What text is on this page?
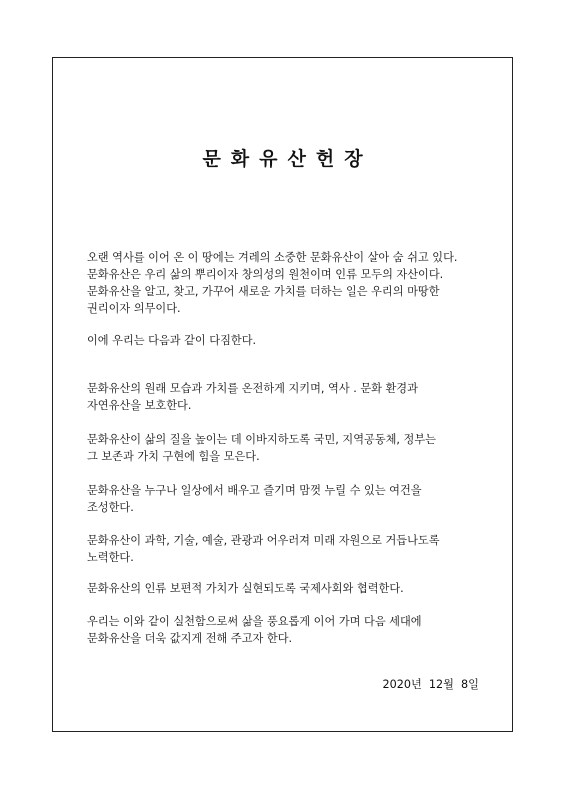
문화유산헌장

오랜 역사를 이어 온 이 땅에는 겨레의 소중한 문화유산이 살아 숨 쉬고 있다.
문화유산은 우리 삶의 뿌리이자 창의성의 원천이며 인류 모두의 자산이다.
문화유산을 알고, 찾고, 가꾸어 새로운 가치를 더하는 일은 우리의 마땅한
권리이자 의무이다.

이에 우리는 다음과 같이 다짐한다.

문화유산의 원래 모습과 가치를 온전하게 지키며, 역사 . 문화 환경과
자연유산을 보호한다.

문화유산이 삶의 질을 높이는 데 이바지하도록 국민, 지역공동체, 정부는
그 보존과 가치 구현에 힘을 모은다.

문화유산을 누구나 일상에서 배우고 즐기며 맘껏 누릴 수 있는 여건을
조성한다.

문화유산이 과학, 기술, 예술, 관광과 어우러져 미래 자원으로 거듭나도록
노력한다.

문화유산의 인류 보편적 가치가 실현되도록 국제사회와 협력한다.

우리는 이와 같이 실천함으로써 삶을 풍요롭게 이어 가며 다음 세대에
문화유산을 더욱 값지게 전해 주고자 한다.

2020년  12월  8일
